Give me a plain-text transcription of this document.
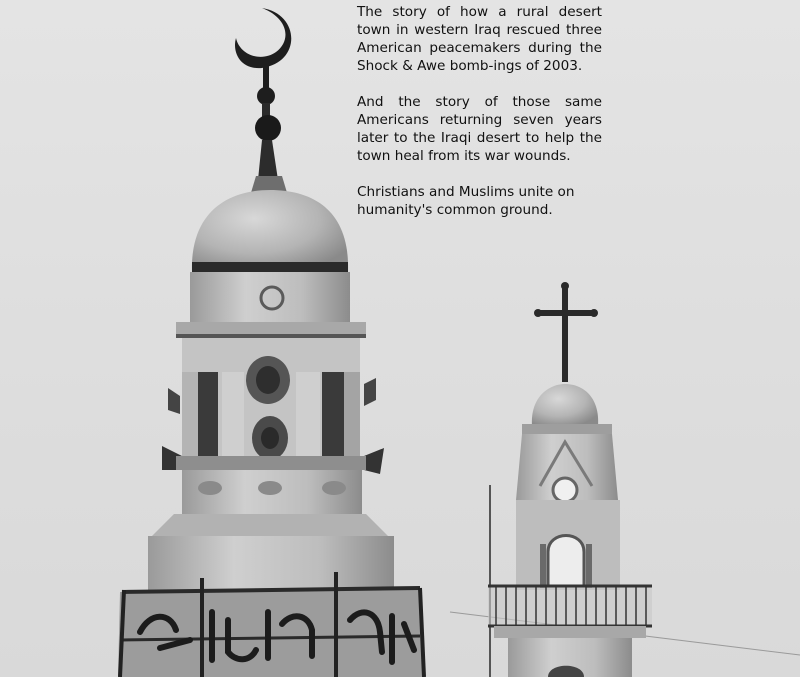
The story of how a rural desert town in western Iraq rescued three American peacemakers during the Shock & Awe bomb-ings of 2003.

And the story of those same Americans returning seven years later to the Iraqi desert to help the town heal from its war wounds.

Christians and Muslims unite on humanity's common ground.
